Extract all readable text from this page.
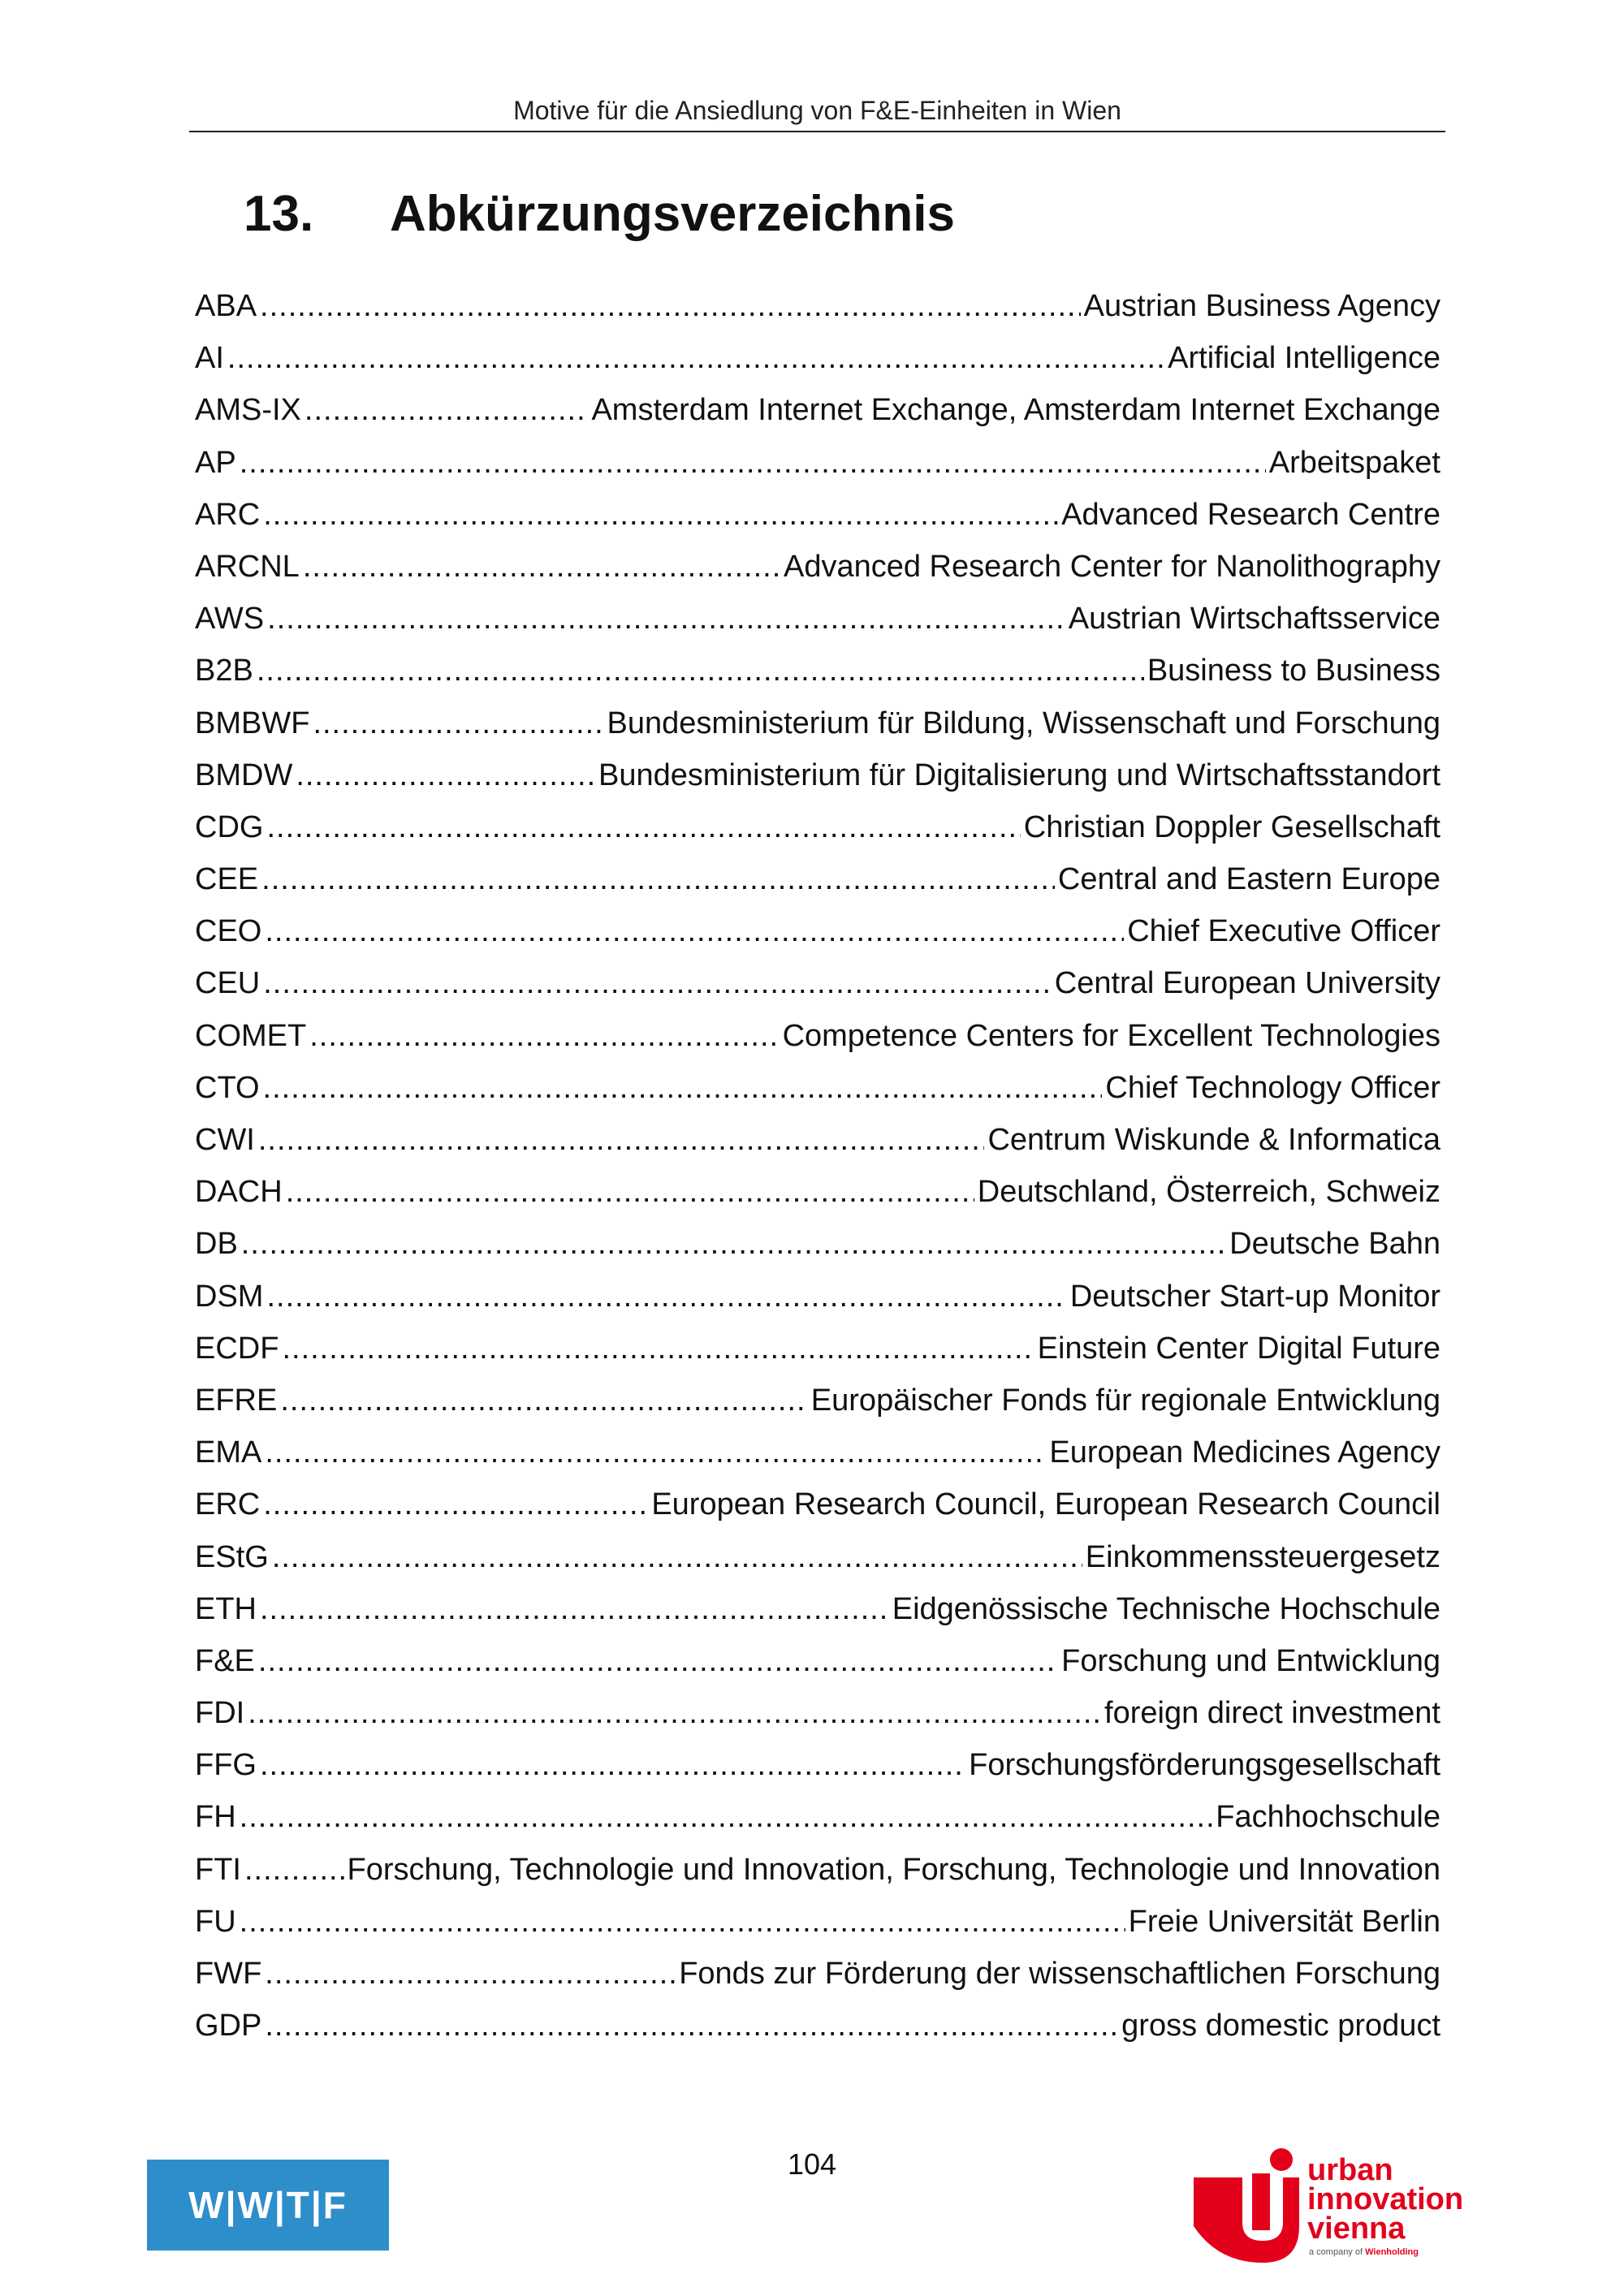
Motive für die Ansiedlung von F&E-Einheiten in Wien
13. Abkürzungsverzeichnis
ABA .....	Austrian Business Agency
AI .....	Artificial Intelligence
AMS-IX .....	Amsterdam Internet Exchange, Amsterdam Internet Exchange
AP .....	Arbeitspaket
ARC .....	Advanced Research Centre
ARCNL .....	Advanced Research Center for Nanolithography
AWS .....	Austrian Wirtschaftsservice
B2B .....	Business to Business
BMBWF .....	Bundesministerium für Bildung, Wissenschaft und Forschung
BMDW .....	Bundesministerium für Digitalisierung und Wirtschaftsstandort
CDG .....	Christian Doppler Gesellschaft
CEE .....	Central and Eastern Europe
CEO .....	Chief Executive Officer
CEU .....	Central European University
COMET .....	Competence Centers for Excellent Technologies
CTO .....	Chief Technology Officer
CWI .....	Centrum Wiskunde & Informatica
DACH .....	Deutschland, Österreich, Schweiz
DB .....	Deutsche Bahn
DSM .....	Deutscher Start-up Monitor
ECDF .....	Einstein Center Digital Future
EFRE .....	Europäischer Fonds für regionale Entwicklung
EMA .....	European Medicines Agency
ERC .....	European Research Council, European Research Council
EStG .....	Einkommenssteuergesetz
ETH .....	Eidgenössische Technische Hochschule
F&E .....	Forschung und Entwicklung
FDI .....	foreign direct investment
FFG .....	Forschungsförderungsgesellschaft
FH .....	Fachhochschule
FTI .....	Forschung, Technologie und Innovation, Forschung, Technologie und Innovation
FU .....	Freie Universität Berlin
FWF .....	Fonds zur Förderung der wissenschaftlichen Forschung
GDP .....	gross domestic product
104
W|W|T|F
urban
innovation
vienna
a company of Wienholding
